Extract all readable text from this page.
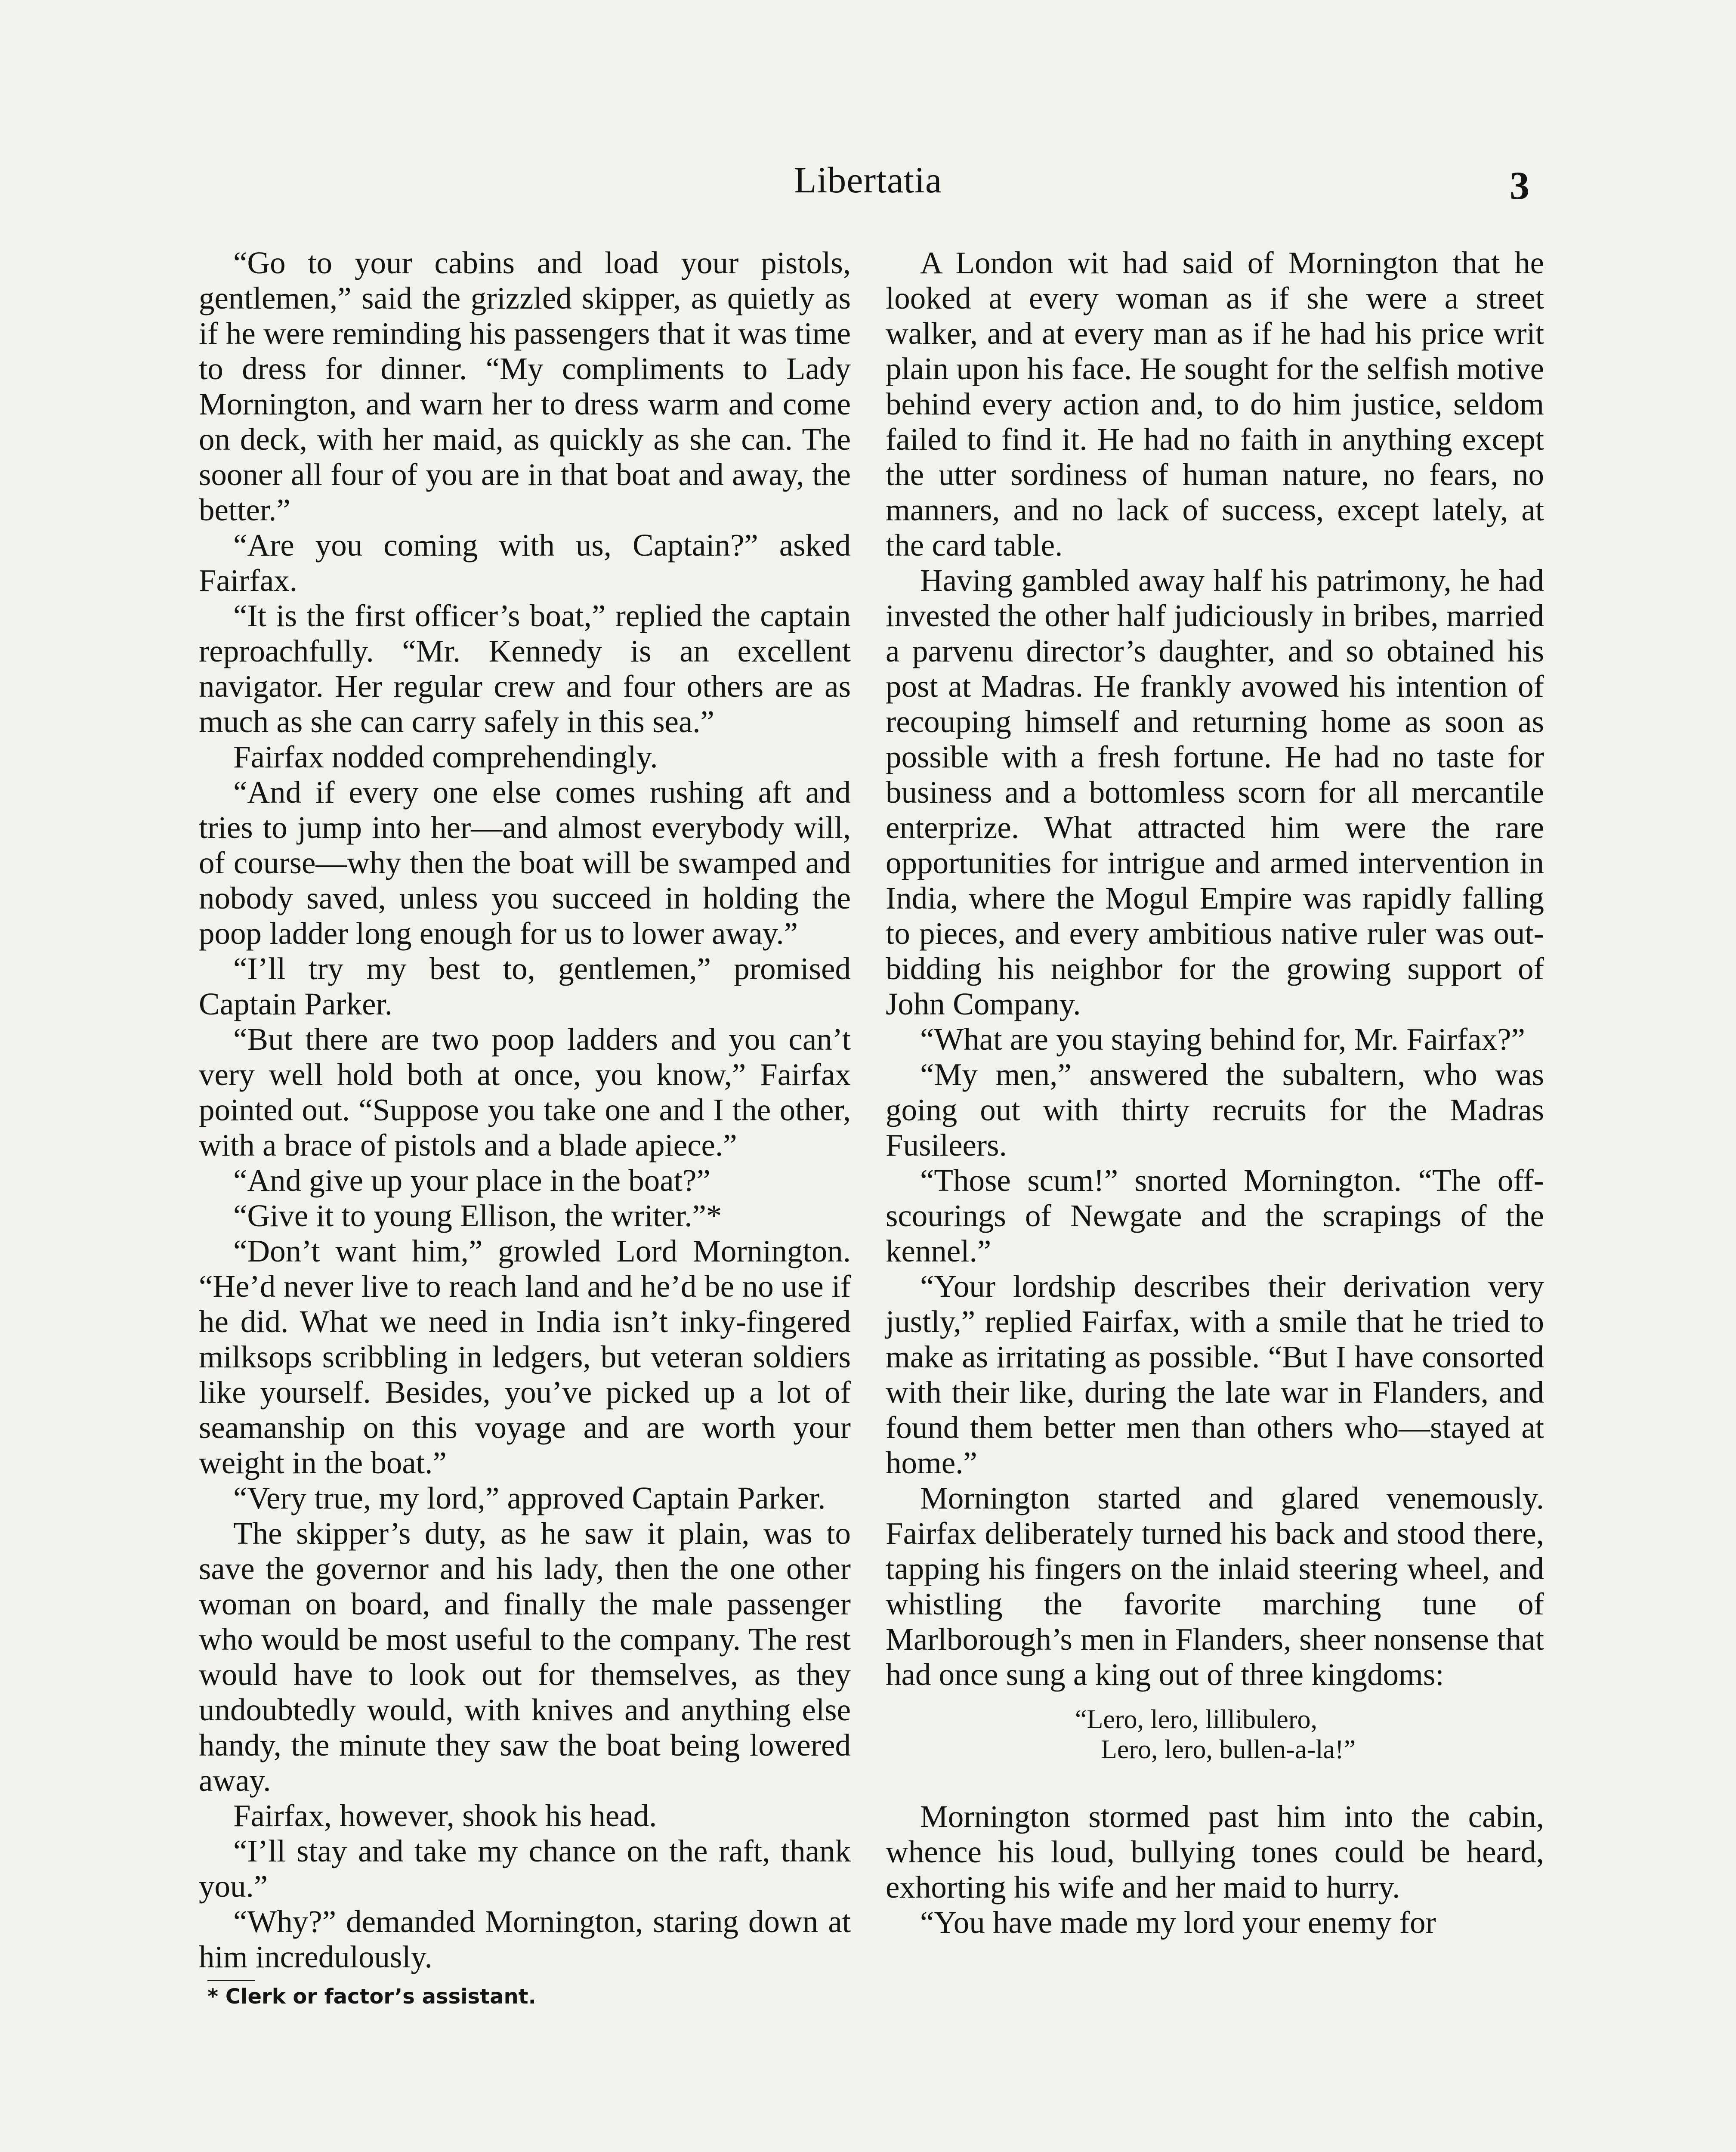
Libertatia	3

“Go to your cabins and load your pistols, gentlemen,” said the grizzled skipper, as quietly as if he were reminding his passengers that it was time to dress for dinner. “My compliments to Lady Mornington, and warn her to dress warm and come on deck, with her maid, as quickly as she can. The sooner all four of you are in that boat and away, the better.”

“Are you coming with us, Captain?” asked Fairfax.

“It is the first officer’s boat,” replied the captain reproachfully. “Mr. Kennedy is an excellent navigator. Her regular crew and four others are as much as she can carry safely in this sea.”

Fairfax nodded comprehendingly.

“And if every one else comes rushing aft and tries to jump into her—and almost everybody will, of course—why then the boat will be swamped and nobody saved, unless you succeed in holding the poop ladder long enough for us to lower away.”

“I’ll try my best to, gentlemen,” promised Captain Parker.

“But there are two poop ladders and you can’t very well hold both at once, you know,” Fairfax pointed out. “Suppose you take one and I the other, with a brace of pistols and a blade apiece.”

“And give up your place in the boat?”

“Give it to young Ellison, the writer.”*

“Don’t want him,” growled Lord Mornington. “He’d never live to reach land and he’d be no use if he did. What we need in India isn’t inky-fingered milksops scribbling in ledgers, but veteran soldiers like yourself. Besides, you’ve picked up a lot of seamanship on this voyage and are worth your weight in the boat.”

“Very true, my lord,” approved Captain Parker.

The skipper’s duty, as he saw it plain, was to save the governor and his lady, then the one other woman on board, and finally the male passenger who would be most useful to the company. The rest would have to look out for themselves, as they undoubtedly would, with knives and anything else handy, the minute they saw the boat being lowered away.

Fairfax, however, shook his head.

“I’ll stay and take my chance on the raft, thank you.”

“Why?” demanded Mornington, staring down at him incredulously.

* Clerk or factor’s assistant.

A London wit had said of Mornington that he looked at every woman as if she were a street walker, and at every man as if he had his price writ plain upon his face. He sought for the selfish motive behind every action and, to do him justice, seldom failed to find it. He had no faith in anything except the utter sordiness of human nature, no fears, no manners, and no lack of success, except lately, at the card table.

Having gambled away half his patrimony, he had invested the other half judiciously in bribes, married a parvenu director’s daughter, and so obtained his post at Madras. He frankly avowed his intention of recouping himself and returning home as soon as possible with a fresh fortune. He had no taste for business and a bottomless scorn for all mercantile enterprize. What attracted him were the rare opportunities for intrigue and armed intervention in India, where the Mogul Empire was rapidly falling to pieces, and every ambitious native ruler was out-bidding his neighbor for the growing support of John Company.

“What are you staying behind for, Mr. Fairfax?”

“My men,” answered the subaltern, who was going out with thirty recruits for the Madras Fusileers.

“Those scum!” snorted Mornington. “The off-scourings of Newgate and the scrapings of the kennel.”

“Your lordship describes their derivation very justly,” replied Fairfax, with a smile that he tried to make as irritating as possible. “But I have consorted with their like, during the late war in Flanders, and found them better men than others who—stayed at home.”

Mornington started and glared venemously. Fairfax deliberately turned his back and stood there, tapping his fingers on the inlaid steering wheel, and whistling the favorite marching tune of Marlborough’s men in Flanders, sheer nonsense that had once sung a king out of three kingdoms:

“Lero, lero, lillibulero,
Lero, lero, bullen-a-la!”

Mornington stormed past him into the cabin, whence his loud, bullying tones could be heard, exhorting his wife and her maid to hurry.

“You have made my lord your enemy for
